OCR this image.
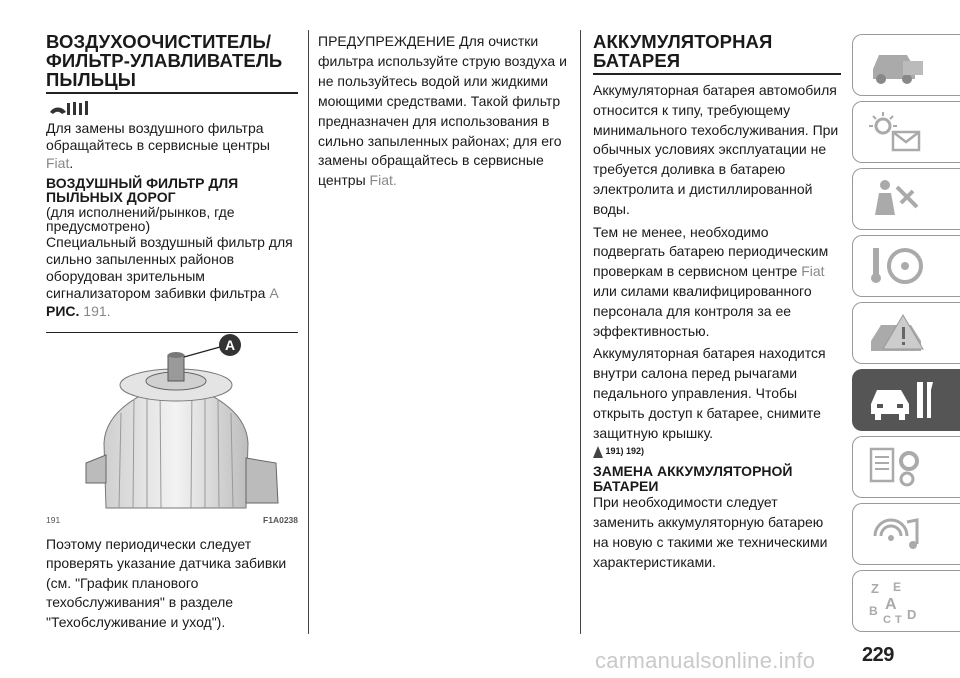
ВОЗДУХООЧИСТИТЕЛЬ/ ФИЛЬТР-УЛАВЛИВАТЕЛЬ ПЫЛЬЦЫ

Для замены воздушного фильтра обращайтесь в сервисные центры
Fiat.

ВОЗДУШНЫЙ ФИЛЬТР ДЛЯ ПЫЛЬНЫХ ДОРОГ
(для исполнений/рынков, где предусмотрено)

Специальный воздушный фильтр для сильно запыленных районов оборудован зрительным сигнализатором забивки фильтра A
РИС. 191.

A
191	F1A0238

Поэтому периодически следует проверять указание датчика забивки (см. "График планового техобслуживания" в разделе "Техобслуживание и уход").

ПРЕДУПРЕЖДЕНИЕ Для очистки фильтра используйте струю воздуха и не пользуйтесь водой или жидкими моющими средствами. Такой фильтр предназначен для использования в сильно запыленных районах; для его замены обращайтесь в сервисные центры Fiat.

АККУМУЛЯТОРНАЯ БАТАРЕЯ

Аккумуляторная батарея автомобиля относится к типу, требующему минимального техобслуживания. При обычных условиях эксплуатации не требуется доливка в батарею электролита и дистиллированной воды.

Тем не менее, необходимо подвергать батарею периодическим проверкам в сервисном центре Fiat или силами квалифицированного персонала для контроля за ее эффективностью.

Аккумуляторная батарея находится внутри салона перед рычагами педального управления. Чтобы открыть доступ к батарее, снимите защитную крышку.

191) 192)
ЗАМЕНА АККУМУЛЯТОРНОЙ БАТАРЕИ

При необходимости следует заменить аккумуляторную батарею на новую с такими же техническими характеристиками.

Z E
B A
C T D
carmanualsonline.info 229
